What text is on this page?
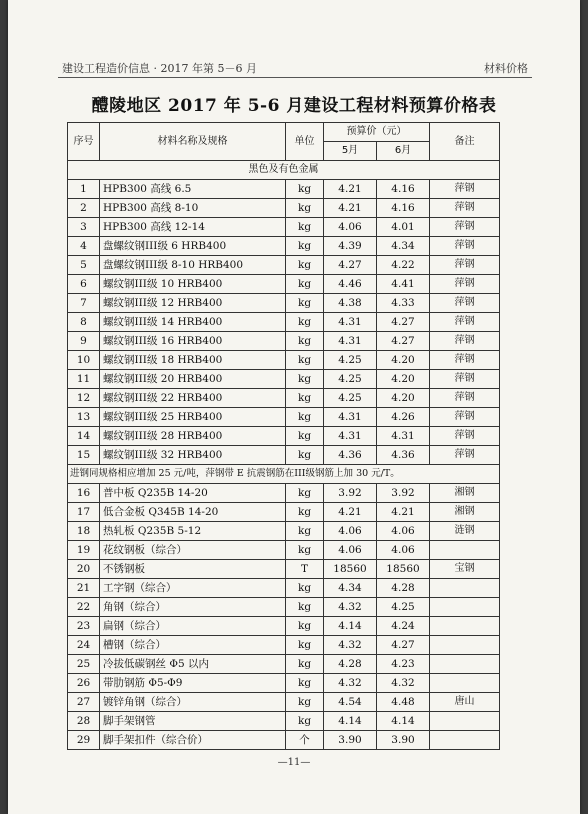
建设工程造价信息 · 2017 年第 5－6 月	材料价格
醴陵地区 2017 年 5-6 月建设工程材料预算价格表
序号	材料名称及规格	单位	预算价（元）		备注
			5月	6月	
黑色及有色金属					
1	HPB300 高线 6.5	kg	4.21	4.16	萍钢
2	HPB300 高线 8-10	kg	4.21	4.16	萍钢
3	HPB300 高线 12-14	kg	4.06	4.01	萍钢
4	盘螺纹钢III级 6 HRB400	kg	4.39	4.34	萍钢
5	盘螺纹钢III级 8-10 HRB400	kg	4.27	4.22	萍钢
6	螺纹钢III级 10 HRB400	kg	4.46	4.41	萍钢
7	螺纹钢III级 12 HRB400	kg	4.38	4.33	萍钢
8	螺纹钢III级 14 HRB400	kg	4.31	4.27	萍钢
9	螺纹钢III级 16 HRB400	kg	4.31	4.27	萍钢
10	螺纹钢III级 18 HRB400	kg	4.25	4.20	萍钢
11	螺纹钢III级 20 HRB400	kg	4.25	4.20	萍钢
12	螺纹钢III级 22 HRB400	kg	4.25	4.20	萍钢
13	螺纹钢III级 25 HRB400	kg	4.31	4.26	萍钢
14	螺纹钢III级 28 HRB400	kg	4.31	4.31	萍钢
15	螺纹钢III级 32 HRB400	kg	4.36	4.36	萍钢
进钢同规格相应增加 25 元/吨，萍钢带 E 抗震钢筋在III级钢筋上加 30 元/T。					
16	普中板 Q235B 14-20	kg	3.92	3.92	湘钢
17	低合金板 Q345B 14-20	kg	4.21	4.21	湘钢
18	热轧板 Q235B 5-12	kg	4.06	4.06	涟钢
19	花纹钢板（综合）	kg	4.06	4.06	
20	不锈钢板	T	18560	18560	宝钢
21	工字钢（综合）	kg	4.34	4.28	
22	角钢（综合）	kg	4.32	4.25	
23	扁钢（综合）	kg	4.14	4.24	
24	槽钢（综合）	kg	4.32	4.27	
25	冷拔低碳钢丝 Φ5 以内	kg	4.28	4.23	
26	带肋钢筋 Φ5-Φ9	kg	4.32	4.32	
27	镀锌角钢（综合）	kg	4.54	4.48	唐山
28	脚手架钢管	kg	4.14	4.14	
29	脚手架扣件（综合价）	个	3.90	3.90	
—11—
